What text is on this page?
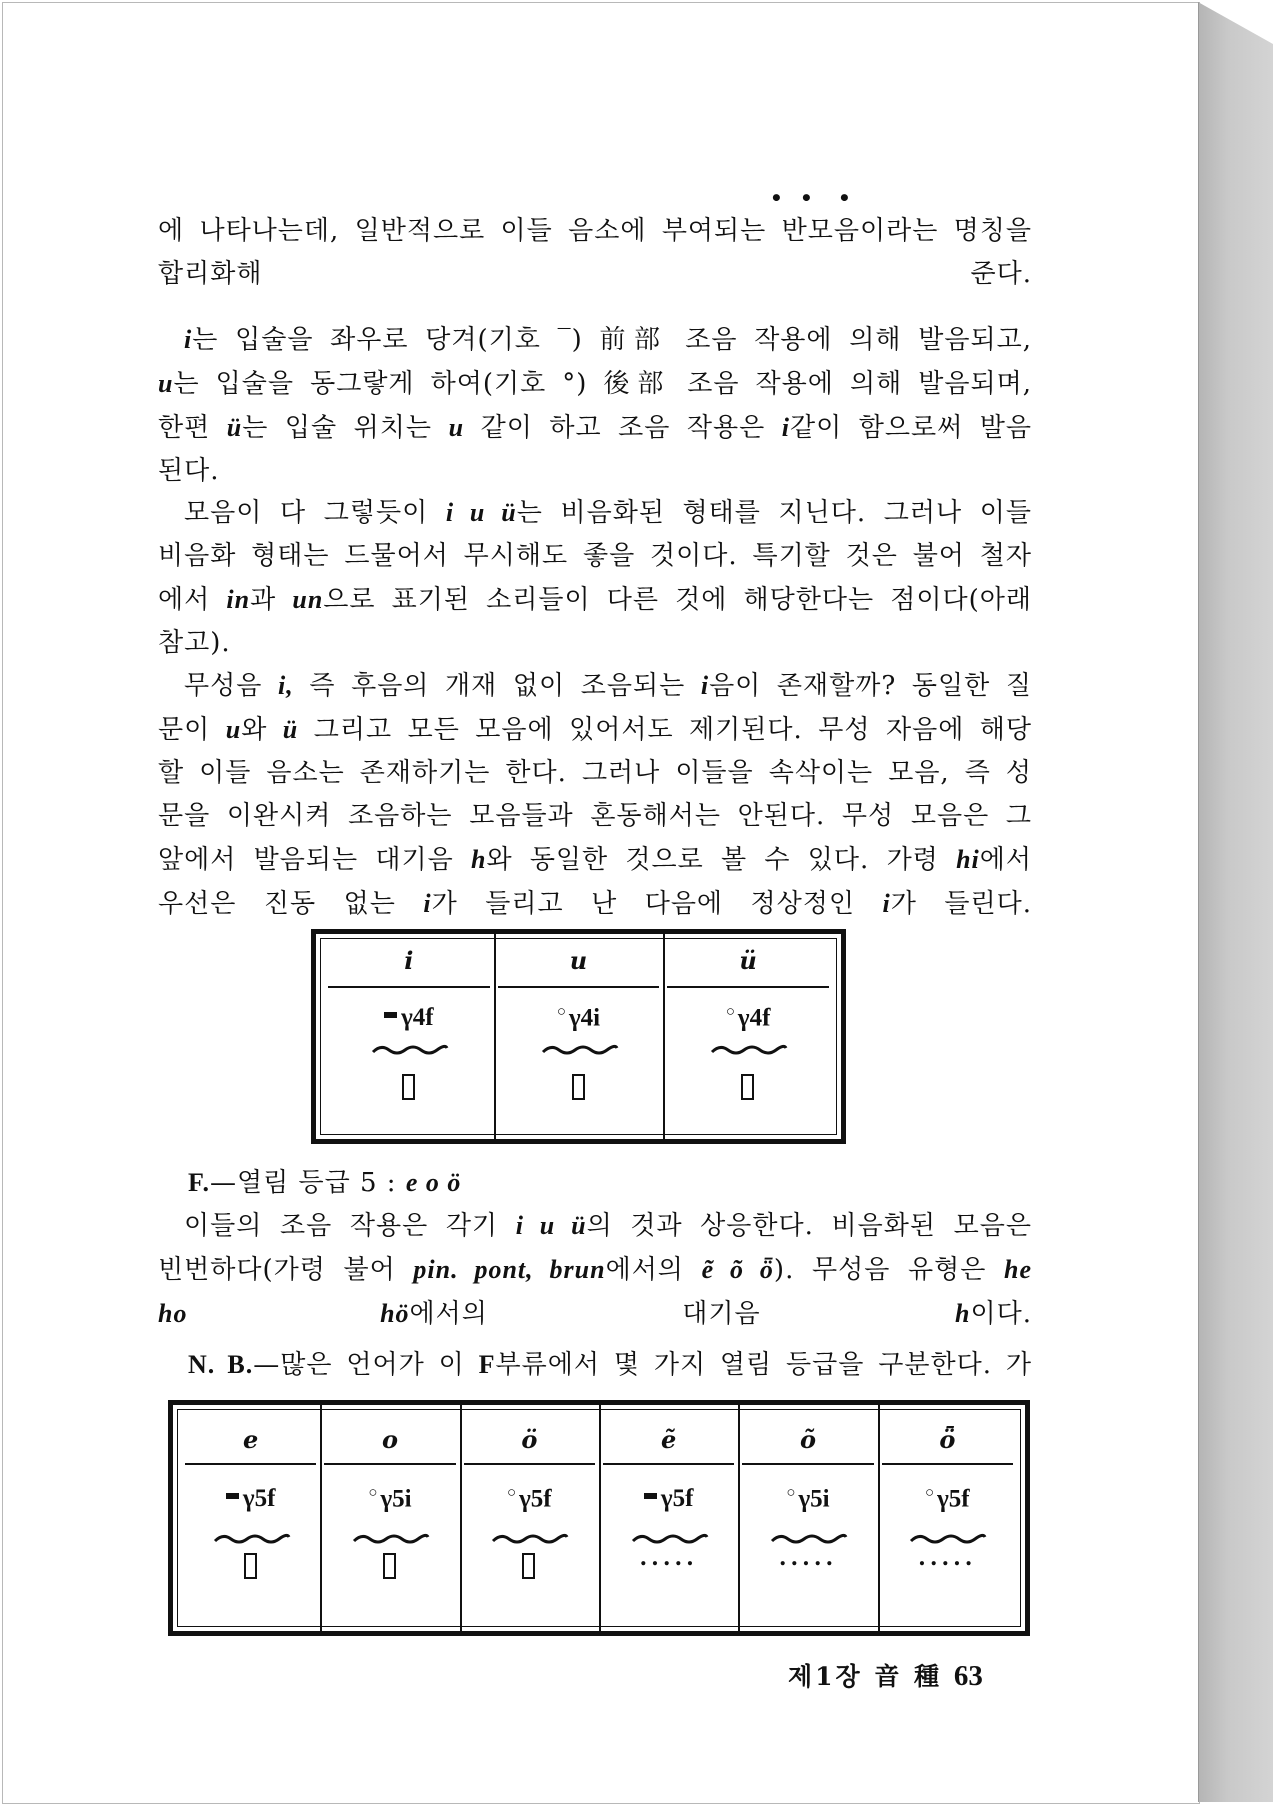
에 나타나는데, 일반적으로 이들 음소에 부여되는 반모음이라는 명칭을
합리화해 준다.
• • •
i는 입술을 좌우로 당겨(기호 ‾) 前部 조음 작용에 의해 발음되고,
u는 입술을 동그랗게 하여(기호 °) 後部 조음 작용에 의해 발음되며,
한편 ü는 입술 위치는 u 같이 하고 조음 작용은 i같이 함으로써 발음
된다.
모음이 다 그렇듯이 i u ü는 비음화된 형태를 지닌다. 그러나 이들
비음화 형태는 드물어서 무시해도 좋을 것이다. 특기할 것은 불어 철자
에서 in과 un으로 표기된 소리들이 다른 것에 해당한다는 점이다(아래
참고).
무성음 i, 즉 후음의 개재 없이 조음되는 i음이 존재할까? 동일한 질
문이 u와 ü 그리고 모든 모음에 있어서도 제기된다. 무성 자음에 해당
할 이들 음소는 존재하기는 한다. 그러나 이들을 속삭이는 모음, 즉 성
문을 이완시켜 조음하는 모음들과 혼동해서는 안된다. 무성 모음은 그
앞에서 발음되는 대기음 h와 동일한 것으로 볼 수 있다. 가령 hi에서
우선은 진동 없는 i가 들리고 난 다음에 정상정인 i가 들린다.
i
γ4f
u
○ γ4i
ü
○ γ4f
F.—열림 등급 5 : e o ö
이들의 조음 작용은 각기 i u ü의 것과 상응한다. 비음화된 모음은
빈번하다(가령 불어 pin. pont, brun에서의 ẽ õ ȫ). 무성음 유형은 he
ho hö에서의 대기음	h이다.
N. B.—많은 언어가 이 F부류에서 몇 가지 열림 등급을 구분한다. 가
e
γ5f
o
○ γ5i
ö
○ γ5f
ẽ
γ5f
.....
õ
○ γ5i
.....
ȫ
○ γ5f
.....
제1장 音 種 63
